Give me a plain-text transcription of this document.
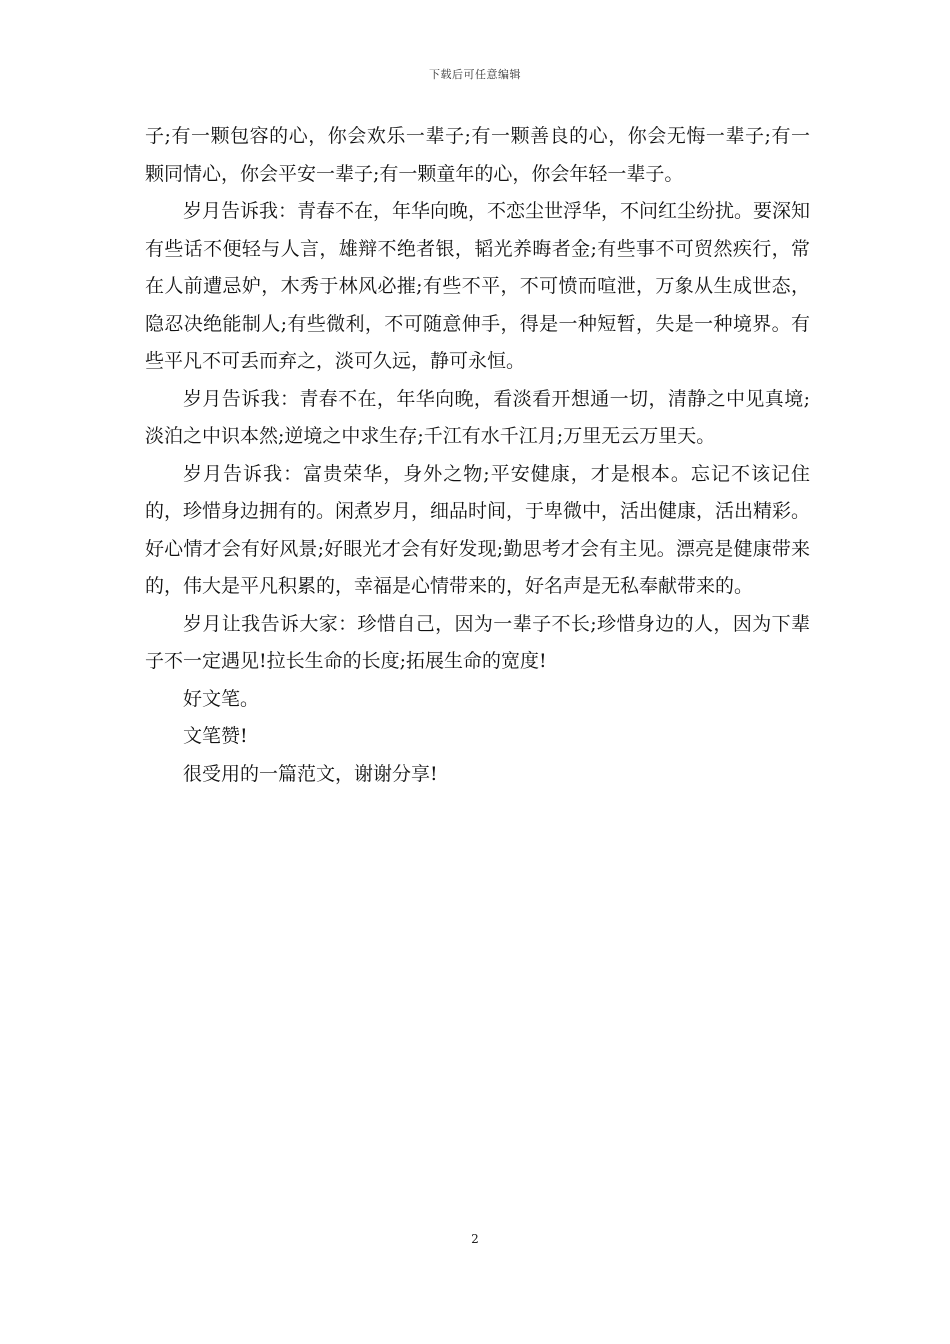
下载后可任意编辑

子;有一颗包容的心，你会欢乐一辈子;有一颗善良的心，你会无悔一辈子;有一颗同情心，你会平安一辈子;有一颗童年的心，你会年轻一辈子。

岁月告诉我：青春不在，年华向晚，不恋尘世浮华，不问红尘纷扰。要深知有些话不便轻与人言，雄辩不绝者银，韬光养晦者金;有些事不可贸然疾行，常在人前遭忌妒，木秀于林风必摧;有些不平，不可愤而喧泄，万象从生成世态，隐忍决绝能制人;有些微利，不可随意伸手，得是一种短暂，失是一种境界。有些平凡不可丢而弃之，淡可久远，静可永恒。

岁月告诉我：青春不在，年华向晚，看淡看开想通一切，清静之中见真境;淡泊之中识本然;逆境之中求生存;千江有水千江月;万里无云万里天。

岁月告诉我：富贵荣华，身外之物;平安健康，才是根本。忘记不该记住的，珍惜身边拥有的。闲煮岁月，细品时间，于卑微中，活出健康，活出精彩。好心情才会有好风景;好眼光才会有好发现;勤思考才会有主见。漂亮是健康带来的，伟大是平凡积累的，幸福是心情带来的，好名声是无私奉献带来的。

岁月让我告诉大家：珍惜自己，因为一辈子不长;珍惜身边的人，因为下辈子不一定遇见!拉长生命的长度;拓展生命的宽度!

好文笔。

文笔赞!

很受用的一篇范文，谢谢分享!

2
